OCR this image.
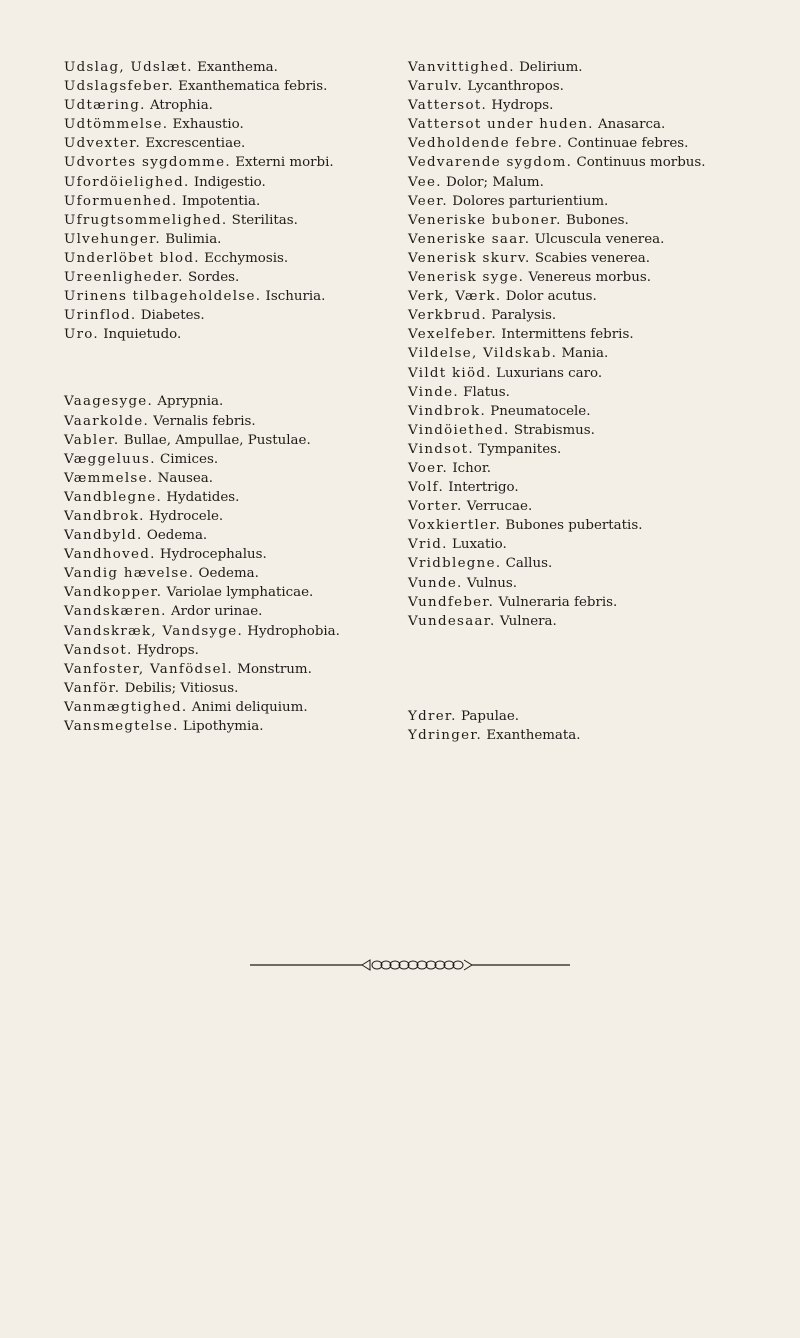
Udslag, Udslæt. Exanthema.
Udslagsfeber. Exanthematica febris.
Udtæring. Atrophia.
Udtömmelse. Exhaustio.
Udvexter. Excrescentiae.
Udvortes sygdomme. Externi morbi.
Ufordöielighed. Indigestio.
Uformuenhed. Impotentia.
Ufrugtsommelighed. Sterilitas.
Ulvehunger. Bulimia.
Underlöbet blod. Ecchymosis.
Ureenligheder. Sordes.
Urinens tilbageholdelse. Ischuria.
Urinflod. Diabetes.
Uro. Inquietudo.
Vaagesyge. Aprypnia.
Vaarkolde. Vernalis febris.
Vabler. Bullae, Ampullae, Pustulae.
Væggeluus. Cimices.
Væmmelse. Nausea.
Vandblegne. Hydatides.
Vandbrok. Hydrocele.
Vandbyld. Oedema.
Vandhoved. Hydrocephalus.
Vandig hævelse. Oedema.
Vandkopper. Variolae lymphaticae.
Vandskæren. Ardor urinae.
Vandskræk, Vandsyge. Hydrophobia.
Vandsot. Hydrops.
Vanfoster, Vanfödsel. Monstrum.
Vanför. Debilis; Vitiosus.
Vanmægtighed. Animi deliquium.
Vansmegtelse. Lipothymia.
Vanvittighed. Delirium.
Varulv. Lycanthropos.
Vattersot. Hydrops.
Vattersot under huden. Anasarca.
Vedholdende febre. Continuae febres.
Vedvarende sygdom. Continuus morbus.
Vee. Dolor; Malum.
Veer. Dolores parturientium.
Veneriske buboner. Bubones.
Veneriske saar. Ulcuscula venerea.
Venerisk skurv. Scabies venerea.
Venerisk syge. Venereus morbus.
Verk, Værk. Dolor acutus.
Verkbrud. Paralysis.
Vexelfeber. Intermittens febris.
Vildelse, Vildskab. Mania.
Vildt kiöd. Luxurians caro.
Vinde. Flatus.
Vindbrok. Pneumatocele.
Vindöiethed. Strabismus.
Vindsot. Tympanites.
Voer. Ichor.
Volf. Intertrigo.
Vorter. Verrucae.
Voxkiertler. Bubones pubertatis.
Vrid. Luxatio.
Vridblegne. Callus.
Vunde. Vulnus.
Vundfeber. Vulneraria febris.
Vundesaar. Vulnera.
Ydrer. Papulae.
Ydringer. Exanthemata.
